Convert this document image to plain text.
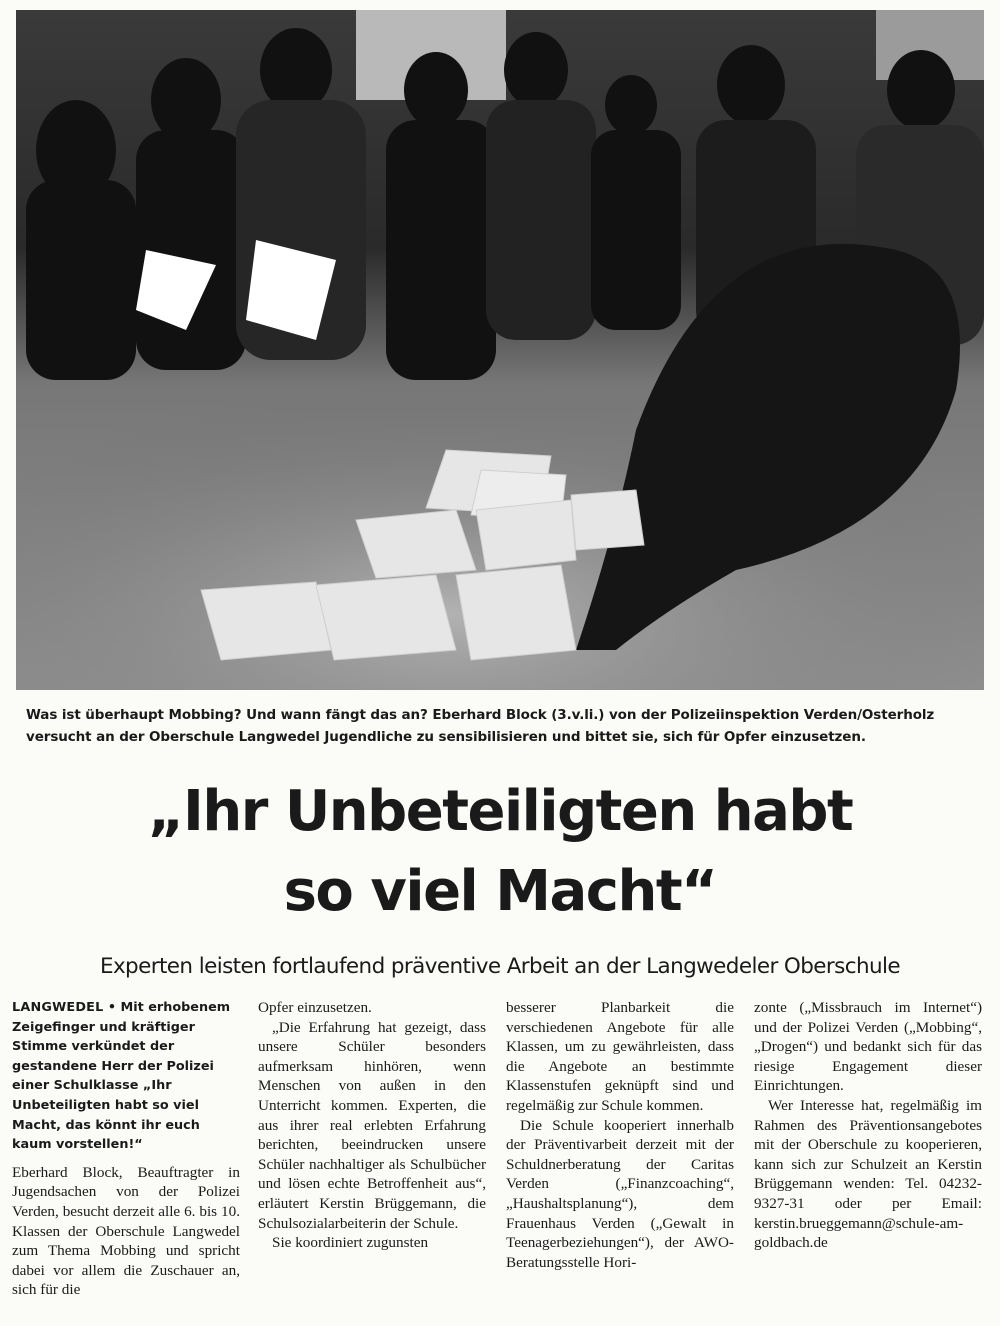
Was ist überhaupt Mobbing? Und wann fängt das an? Eberhard Block (3.v.li.) von der Polizeiinspektion Verden/Osterholz versucht an der Oberschule Langwedel Jugendliche zu sensibilisieren und bittet sie, sich für Opfer einzusetzen.
„Ihr Unbeteiligten habt
so viel Macht“
Experten leisten fortlaufend präventive Arbeit an der Langwedeler Oberschule

LANGWEDEL • Mit erhobenem Zeigefinger und kräftiger Stimme verkündet der gestandene Herr der Polizei einer Schulklasse „Ihr Unbeteiligten habt so viel Macht, das könnt ihr euch kaum vorstellen!“

Eberhard Block, Beauftragter in Jugendsachen von der Polizei Verden, besucht derzeit alle 6. bis 10. Klassen der Oberschule Langwedel zum Thema Mobbing und spricht dabei vor allem die Zuschauer an, sich für die

Opfer einzusetzen.

„Die Erfahrung hat gezeigt, dass unsere Schüler besonders aufmerksam hinhören, wenn Menschen von außen in den Unterricht kommen. Experten, die aus ihrer real erlebten Erfahrung berichten, beeindrucken unsere Schüler nachhaltiger als Schulbücher und lösen echte Betroffenheit aus“, erläutert Kerstin Brüggemann, die Schulsozialarbeiterin der Schule.

Sie koordiniert zugunsten

besserer Planbarkeit die verschiedenen Angebote für alle Klassen, um zu gewährleisten, dass die Angebote an bestimmte Klassenstufen geknüpft sind und regelmäßig zur Schule kommen.

Die Schule kooperiert innerhalb der Präventivarbeit derzeit mit der Schuldnerberatung der Caritas Verden („Finanzcoaching“, „Haushaltsplanung“), dem Frauenhaus Verden („Gewalt in Teenagerbeziehungen“), der AWO-Beratungsstelle Hori-

zonte („Missbrauch im Internet“) und der Polizei Verden („Mobbing“, „Drogen“) und bedankt sich für das riesige Engagement dieser Einrichtungen.

Wer Interesse hat, regelmäßig im Rahmen des Präventionsangebotes mit der Oberschule zu kooperieren, kann sich zur Schulzeit an Kerstin Brüggemann wenden: Tel. 04232-9327-31 oder per Email: kerstin.brueggemann@schule-am-goldbach.de
